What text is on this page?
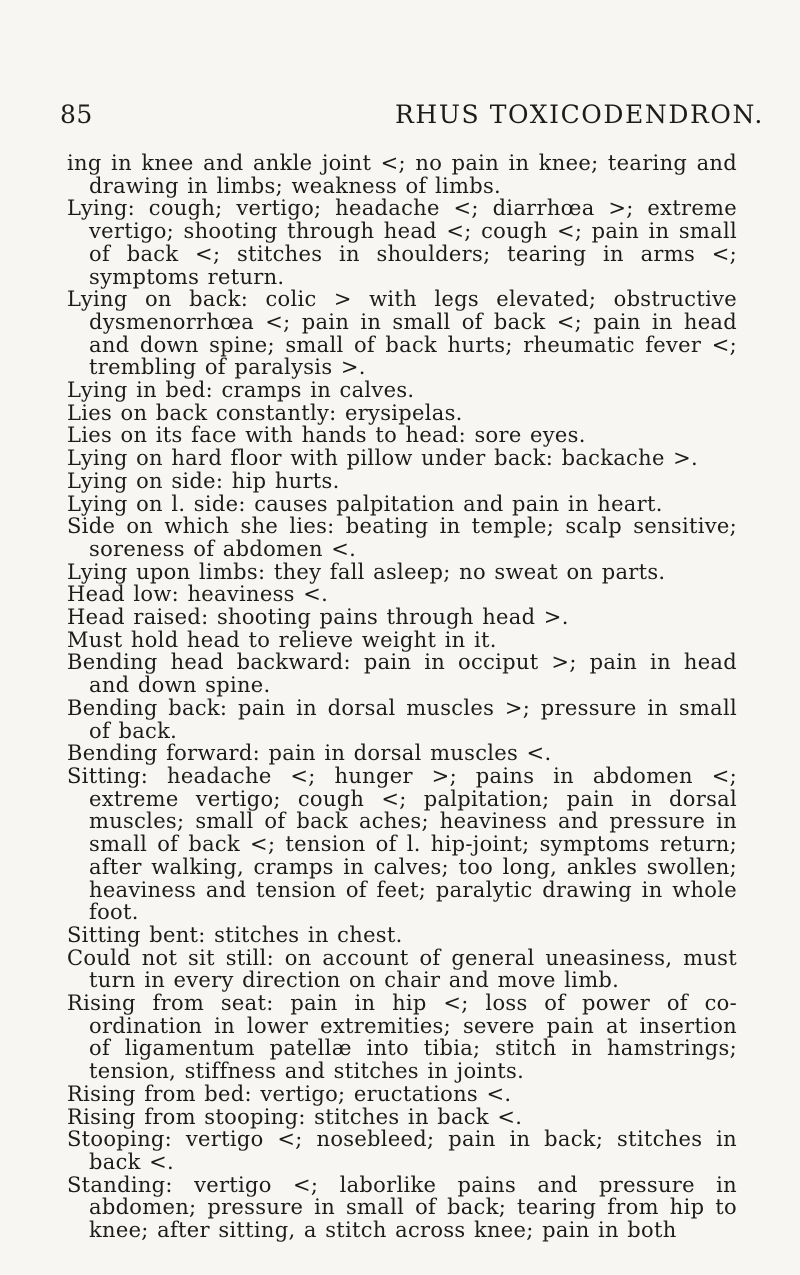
85	RHUS TOXICODENDRON.

ing in knee and ankle joint <; no pain in knee; tearing and drawing in limbs; weakness of limbs.

Lying: cough; vertigo; headache <; diarrhœa >; extreme vertigo; shooting through head <; cough <; pain in small of back <; stitches in shoulders; tearing in arms <; symptoms return.

Lying on back: colic > with legs elevated; obstructive dysmenorrhœa <; pain in small of back <; pain in head and down spine; small of back hurts; rheumatic fever <; trembling of paralysis >.

Lying in bed: cramps in calves.

Lies on back constantly: erysipelas.

Lies on its face with hands to head: sore eyes.

Lying on hard floor with pillow under back: backache >.

Lying on side: hip hurts.

Lying on l. side: causes palpitation and pain in heart.

Side on which she lies: beating in temple; scalp sensitive; soreness of abdomen <.

Lying upon limbs: they fall asleep; no sweat on parts.

Head low: heaviness <.

Head raised: shooting pains through head >.

Must hold head to relieve weight in it.

Bending head backward: pain in occiput >; pain in head and down spine.

Bending back: pain in dorsal muscles >; pressure in small of back.

Bending forward: pain in dorsal muscles <.

Sitting: headache <; hunger >; pains in abdomen <; extreme vertigo; cough <; palpitation; pain in dorsal muscles; small of back aches; heaviness and pressure in small of back <; tension of l. hip-joint; symptoms return; after walking, cramps in calves; too long, ankles swollen; heaviness and tension of feet; paralytic drawing in whole foot.

Sitting bent: stitches in chest.

Could not sit still: on account of general uneasiness, must turn in every direction on chair and move limb.

Rising from seat: pain in hip <; loss of power of co-ordination in lower extremities; severe pain at insertion of ligamentum patellæ into tibia; stitch in hamstrings; tension, stiffness and stitches in joints.

Rising from bed: vertigo; eructations <.

Rising from stooping: stitches in back <.

Stooping: vertigo <; nosebleed; pain in back; stitches in back <.

Standing: vertigo <; laborlike pains and pressure in abdomen; pressure in small of back; tearing from hip to knee; after sitting, a stitch across knee; pain in both
